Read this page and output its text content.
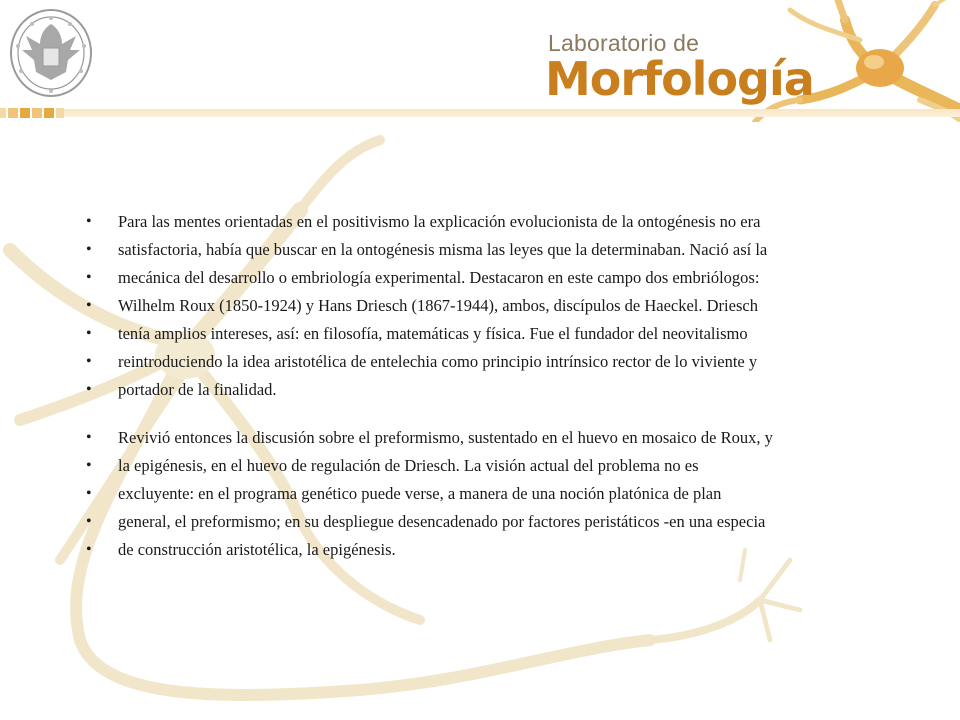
Laboratorio de
Morfología
• Para las mentes orientadas en el positivismo la explicación evolucionista de la ontogénesis no era
• satisfactoria, había que buscar en la ontogénesis misma las leyes que la determinaban. Nació así la
• mecánica del desarrollo o embriología experimental. Destacaron en este campo dos embriólogos:
• Wilhelm Roux (1850-1924) y Hans Driesch (1867-1944), ambos, discípulos de Haeckel. Driesch
• tenía amplios intereses, así: en filosofía, matemáticas y física. Fue el fundador del neovitalismo
• reintroduciendo la idea aristotélica de entelechia como principio intrínsico rector de lo viviente y
• portador de la finalidad.
• Revivió entonces la discusión sobre el preformismo, sustentado en el huevo en mosaico de Roux, y
• la epigénesis, en el huevo de regulación de Driesch. La visión actual del problema no es
• excluyente: en el programa genético puede verse, a manera de una noción platónica de plan
• general, el preformismo; en su despliegue desencadenado por factores peristáticos -en una especia
• de construcción aristotélica, la epigénesis.
